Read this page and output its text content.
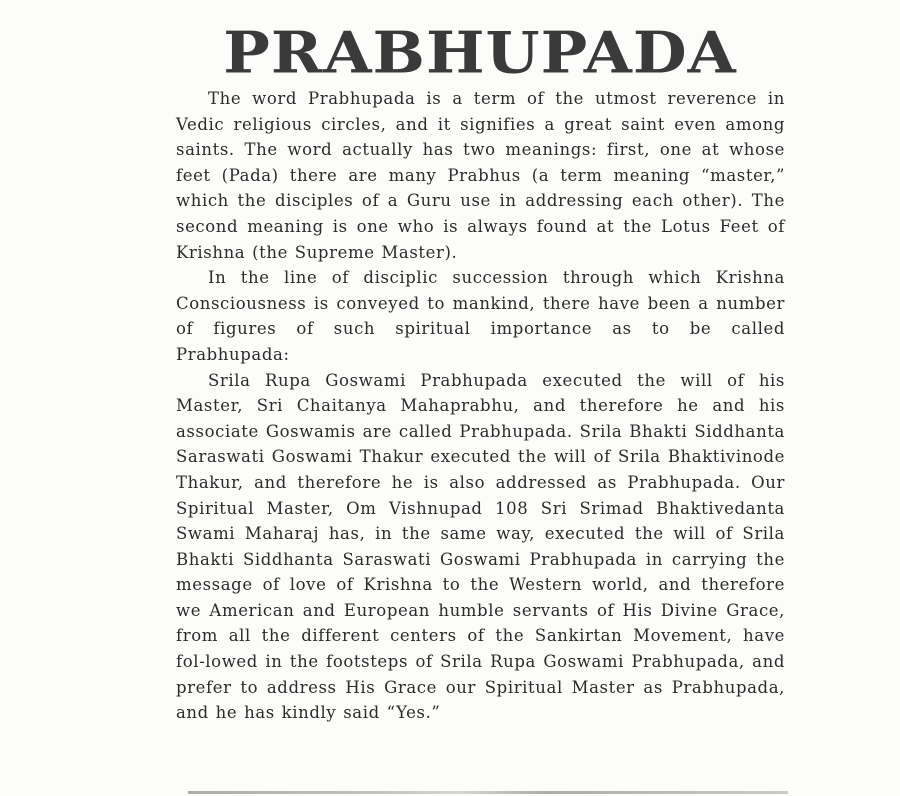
PRABHUPADA

The word Prabhupada is a term of the utmost reverence in Vedic religious circles, and it signifies a great saint even among saints. The word actually has two meanings: first, one at whose feet (Pada) there are many Prabhus (a term meaning “master,” which the disciples of a Guru use in addressing each other). The second meaning is one who is always found at the Lotus Feet of Krishna (the Supreme Master).

In the line of disciplic succession through which Krishna Consciousness is conveyed to mankind, there have been a number of figures of such spiritual importance as to be called Prabhupada:

Srila Rupa Goswami Prabhupada executed the will of his Master, Sri Chaitanya Mahaprabhu, and therefore he and his associate Goswamis are called Prabhupada. Srila Bhakti Siddhanta Saraswati Goswami Thakur executed the will of Srila Bhaktivinode Thakur, and therefore he is also addressed as Prabhupada. Our Spiritual Master, Om Vishnupad 108 Sri Srimad Bhaktivedanta Swami Maharaj has, in the same way, executed the will of Srila Bhakti Siddhanta Saraswati Goswami Prabhupada in carrying the message of love of Krishna to the Western world, and therefore we American and European humble servants of His Divine Grace, from all the different centers of the Sankirtan Movement, have fol-lowed in the footsteps of Srila Rupa Goswami Prabhupada, and prefer to address His Grace our Spiritual Master as Prabhupada, and he has kindly said “Yes.”
